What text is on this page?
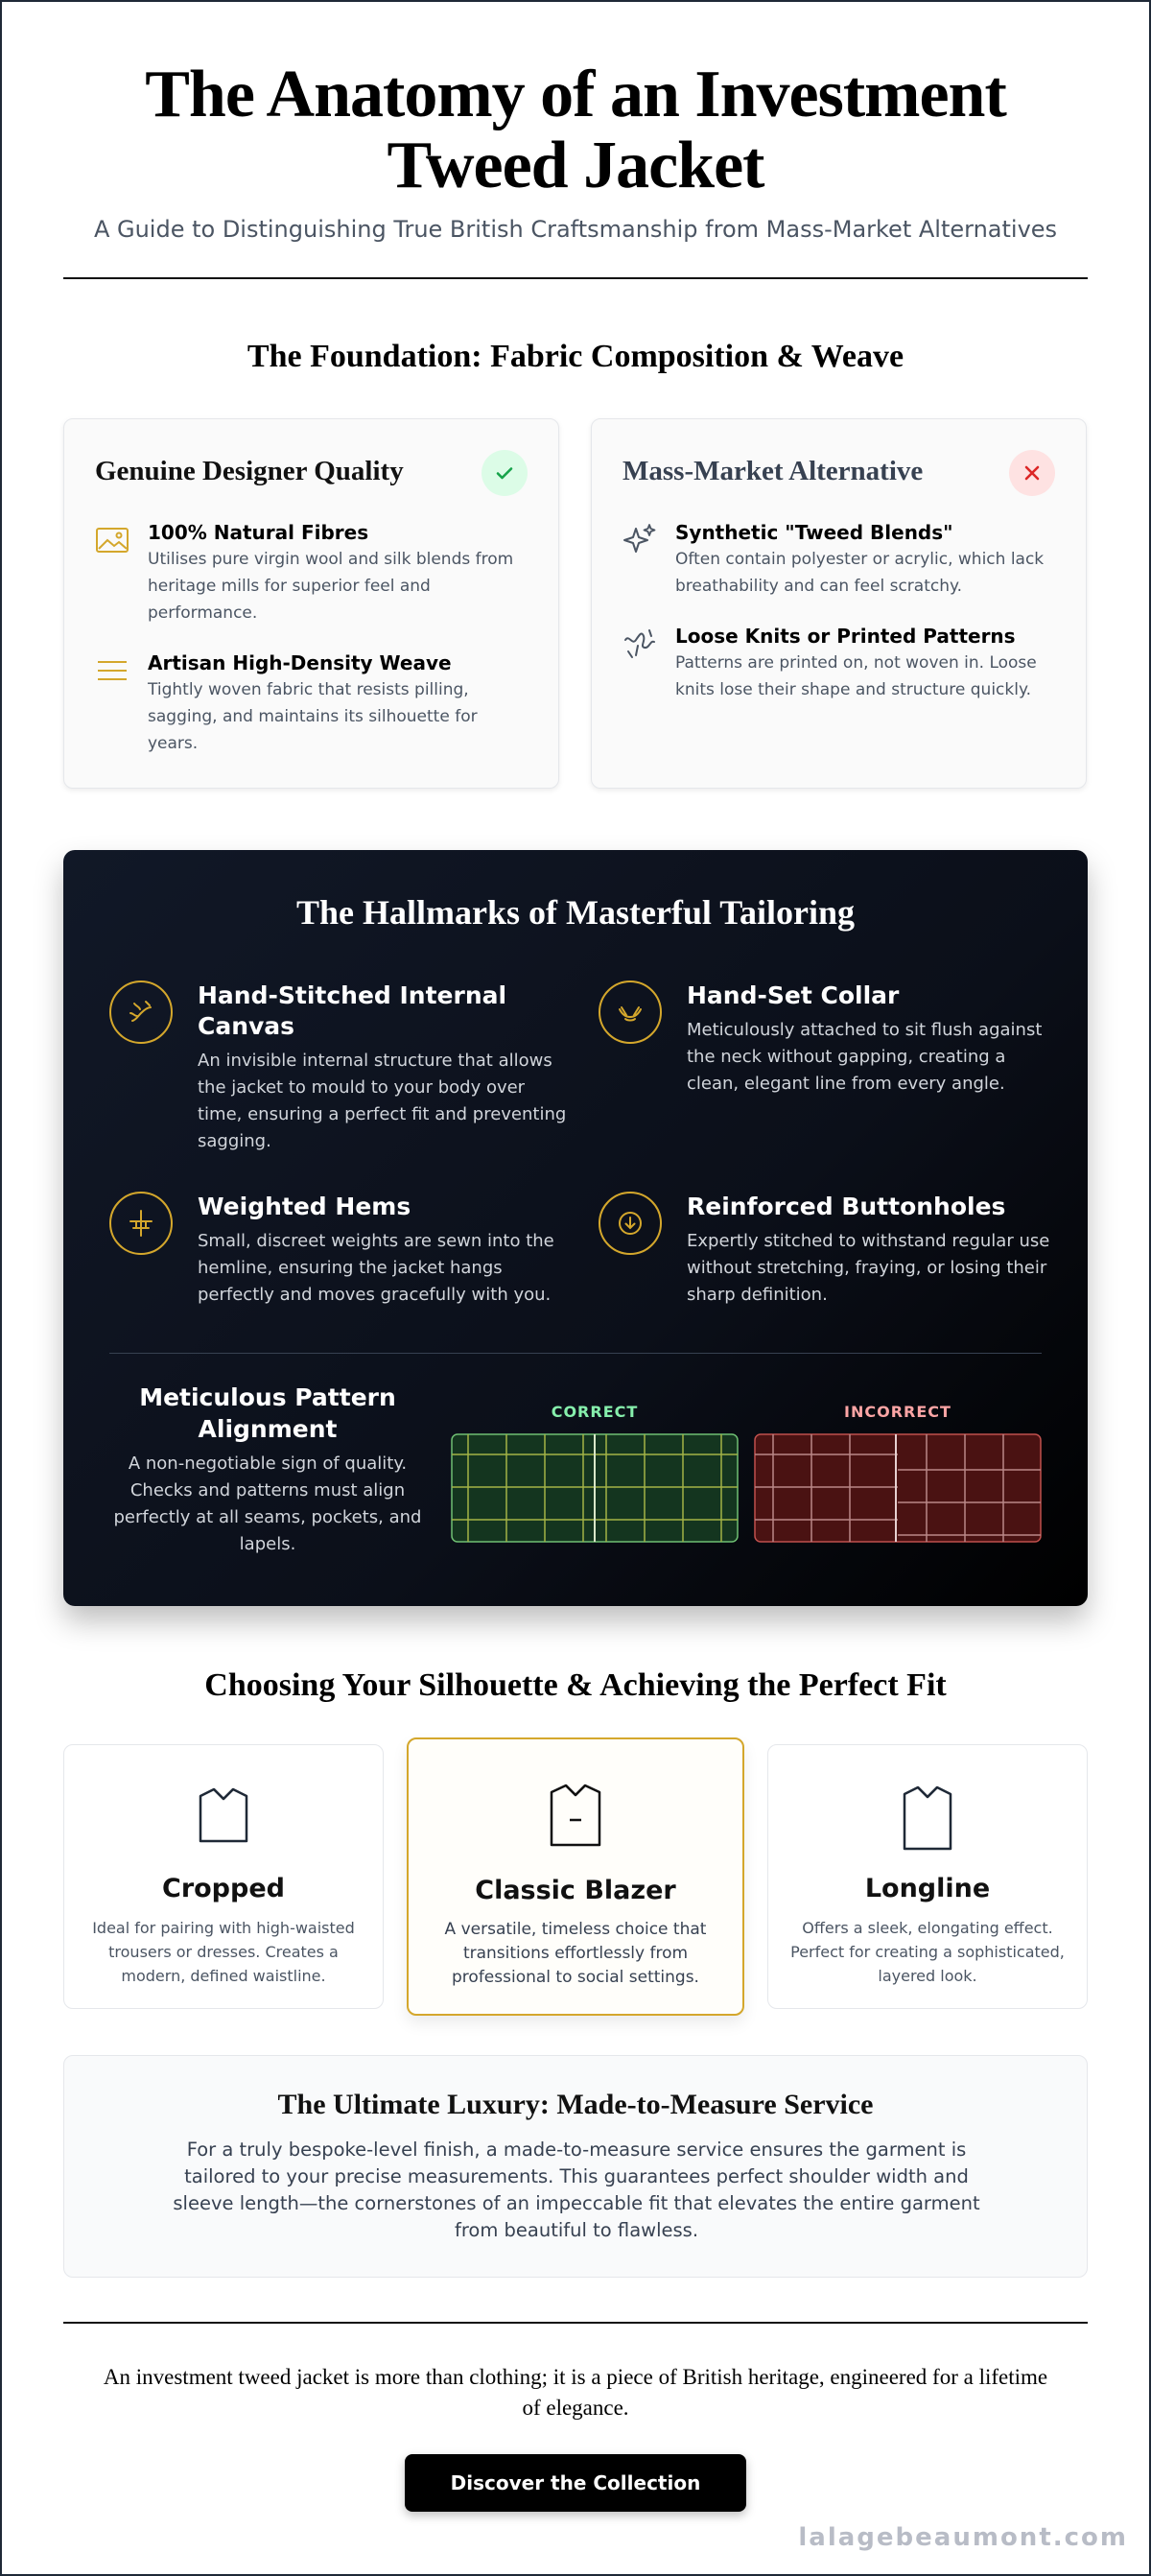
The Anatomy of an Investment
Tweed Jacket

A Guide to Distinguishing True British Craftsmanship from Mass-Market Alternatives

The Foundation: Fabric Composition & Weave
Genuine Designer Quality
100% Natural Fibres
Utilises pure virgin wool and silk blends from heritage mills for superior feel and performance.
Artisan High-Density Weave
Tightly woven fabric that resists pilling, sagging, and maintains its silhouette for years.
Mass-Market Alternative
Synthetic "Tweed Blends"
Often contain polyester or acrylic, which lack breathability and can feel scratchy.
Loose Knits or Printed Patterns
Patterns are printed on, not woven in. Loose knits lose their shape and structure quickly.
The Hallmarks of Masterful Tailoring
Hand-Stitched Internal Canvas
An invisible internal structure that allows the jacket to mould to your body over time, ensuring a perfect fit and preventing sagging.
Hand-Set Collar
Meticulously attached to sit flush against the neck without gapping, creating a clean, elegant line from every angle.
Weighted Hems
Small, discreet weights are sewn into the hemline, ensuring the jacket hangs perfectly and moves gracefully with you.
Reinforced Buttonholes
Expertly stitched to withstand regular use without stretching, fraying, or losing their sharp definition.
Meticulous Pattern Alignment
A non-negotiable sign of quality. Checks and patterns must align perfectly at all seams, pockets, and lapels.
CORRECT	INCORRECT
Choosing Your Silhouette & Achieving the Perfect Fit
Cropped
Ideal for pairing with high-waisted trousers or dresses. Creates a modern, defined waistline.
Classic Blazer
A versatile, timeless choice that transitions effortlessly from professional to social settings.
Longline
Offers a sleek, elongating effect. Perfect for creating a sophisticated, layered look.
The Ultimate Luxury: Made-to-Measure Service

For a truly bespoke-level finish, a made-to-measure service ensures the garment is tailored to your precise measurements. This guarantees perfect shoulder width and sleeve length—the cornerstones of an impeccable fit that elevates the entire garment from beautiful to flawless.

An investment tweed jacket is more than clothing; it is a piece of British heritage, engineered for a lifetime of elegance.

Discover the Collection
lalagebeaumont.com
